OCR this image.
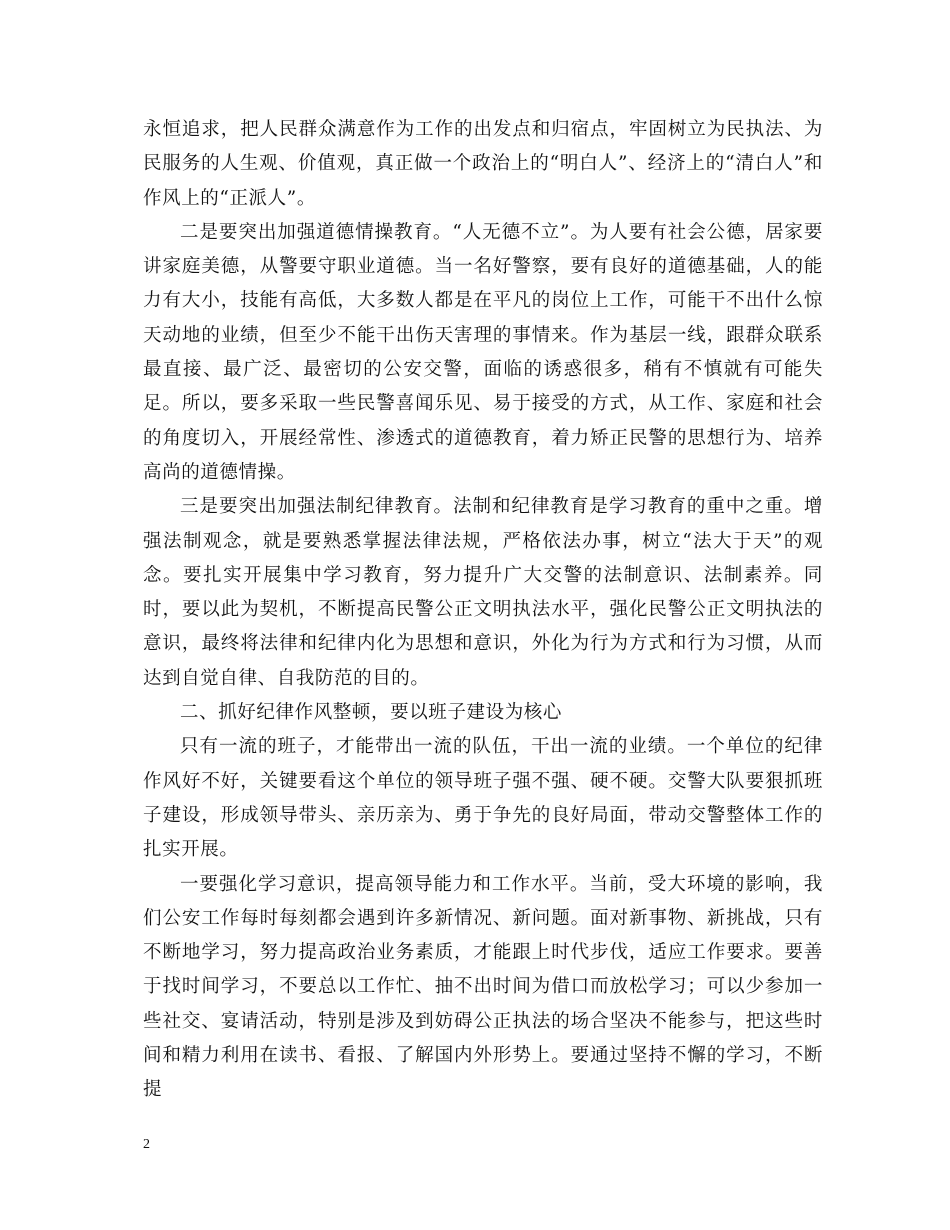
永恒追求，把人民群众满意作为工作的出发点和归宿点，牢固树立为民执法、为民服务的人生观、价值观，真正做一个政治上的“明白人”、经济上的“清白人”和作风上的“正派人”。

二是要突出加强道德情操教育。“人无德不立”。为人要有社会公德，居家要讲家庭美德，从警要守职业道德。当一名好警察，要有良好的道德基础，人的能力有大小，技能有高低，大多数人都是在平凡的岗位上工作，可能干不出什么惊天动地的业绩，但至少不能干出伤天害理的事情来。作为基层一线，跟群众联系最直接、最广泛、最密切的公安交警，面临的诱惑很多，稍有不慎就有可能失足。所以，要多采取一些民警喜闻乐见、易于接受的方式，从工作、家庭和社会的角度切入，开展经常性、渗透式的道德教育，着力矫正民警的思想行为、培养高尚的道德情操。

三是要突出加强法制纪律教育。法制和纪律教育是学习教育的重中之重。增强法制观念，就是要熟悉掌握法律法规，严格依法办事，树立“法大于天”的观念。要扎实开展集中学习教育，努力提升广大交警的法制意识、法制素养。同时，要以此为契机，不断提高民警公正文明执法水平，强化民警公正文明执法的意识，最终将法律和纪律内化为思想和意识，外化为行为方式和行为习惯，从而达到自觉自律、自我防范的目的。

二、抓好纪律作风整顿，要以班子建设为核心

只有一流的班子，才能带出一流的队伍，干出一流的业绩。一个单位的纪律作风好不好，关键要看这个单位的领导班子强不强、硬不硬。交警大队要狠抓班子建设，形成领导带头、亲历亲为、勇于争先的良好局面，带动交警整体工作的扎实开展。

一要强化学习意识，提高领导能力和工作水平。当前，受大环境的影响，我们公安工作每时每刻都会遇到许多新情况、新问题。面对新事物、新挑战，只有不断地学习，努力提高政治业务素质，才能跟上时代步伐，适应工作要求。要善于找时间学习，不要总以工作忙、抽不出时间为借口而放松学习；可以少参加一些社交、宴请活动，特别是涉及到妨碍公正执法的场合坚决不能参与，把这些时间和精力利用在读书、看报、了解国内外形势上。要通过坚持不懈的学习，不断提

2
